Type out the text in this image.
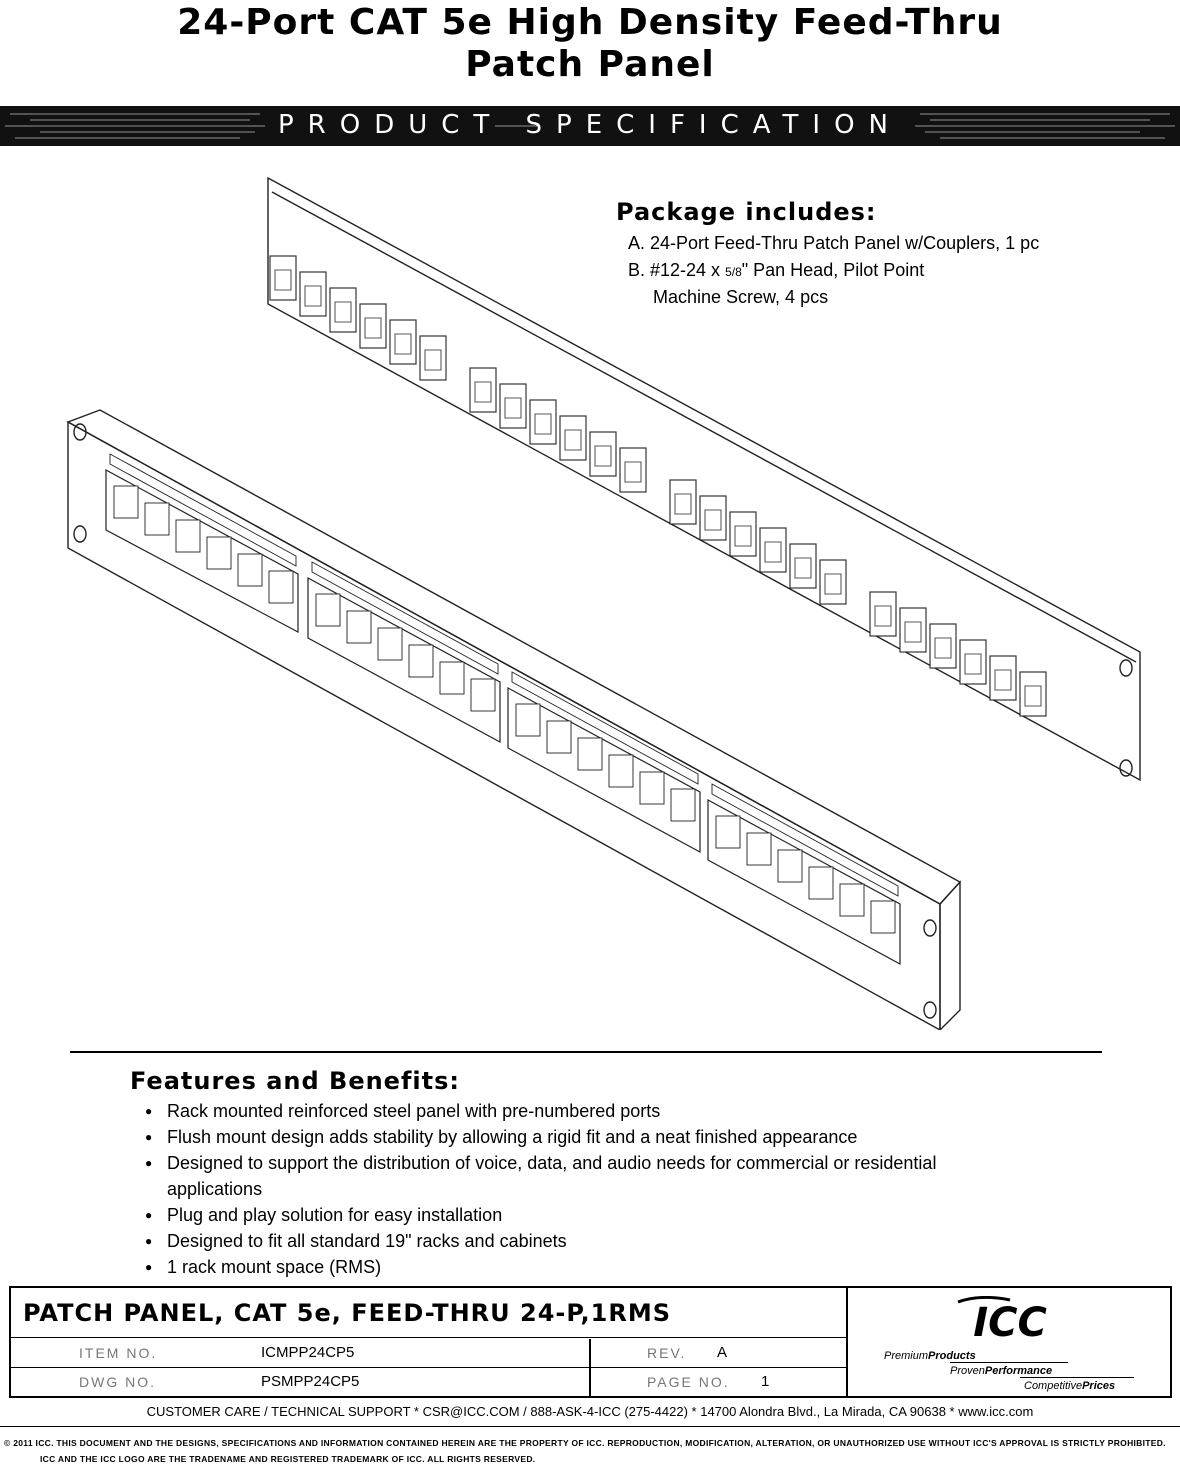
24-Port CAT 5e High Density Feed-Thru
Patch Panel
PRODUCT SPECIFICATION
Package includes:
A. 24-Port Feed-Thru Patch Panel w/Couplers, 1 pc
B. #12-24 x 5/8" Pan Head, Pilot Point
Machine Screw, 4 pcs
Features and Benefits:
● Rack mounted reinforced steel panel with pre-numbered ports
● Flush mount design adds stability by allowing a rigid fit and a neat finished appearance
● Designed to support the distribution of voice, data, and audio needs for commercial or residential applications
● Plug and play solution for easy installation
● Designed to fit all standard 19" racks and cabinets
● 1 rack mount space (RMS)
PATCH PANEL, CAT 5e, FEED-THRU 24-P,1RMS
ITEM NO.	ICMPP24CP5	REV. A
DWG NO.	PSMPP24CP5	PAGE NO. 1
ICC
PremiumProducts
ProvenPerformance
CompetitivePrices
CUSTOMER CARE / TECHNICAL SUPPORT * CSR@ICC.COM / 888-ASK-4-ICC (275-4422) * 14700 Alondra Blvd., La Mirada, CA 90638 * www.icc.com
© 2011 ICC. THIS DOCUMENT AND THE DESIGNS, SPECIFICATIONS AND INFORMATION CONTAINED HEREIN ARE THE PROPERTY OF ICC. REPRODUCTION, MODIFICATION, ALTERATION, OR UNAUTHORIZED USE WITHOUT ICC'S APPROVAL IS STRICTLY PROHIBITED.
ICC AND THE ICC LOGO ARE THE TRADENAME AND REGISTERED TRADEMARK OF ICC. ALL RIGHTS RESERVED.
